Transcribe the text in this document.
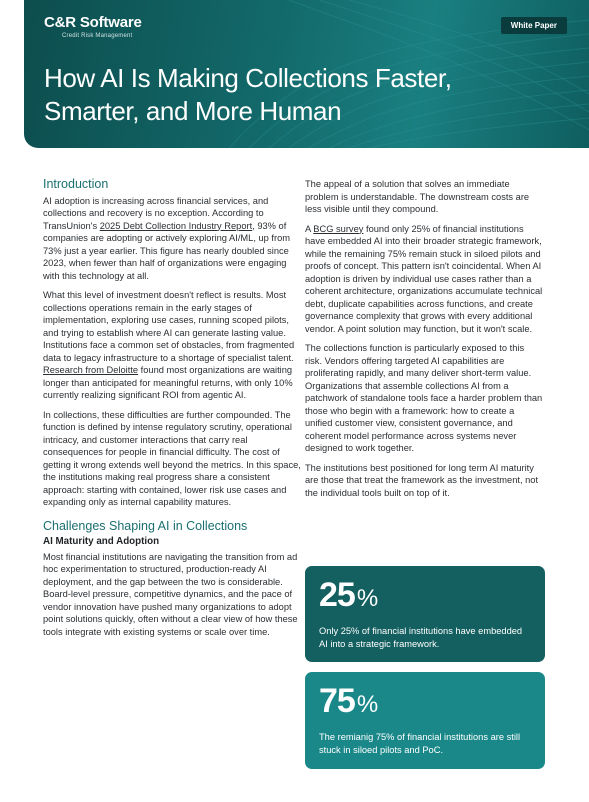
C&R Software
Credit Risk Management
White Paper
How AI Is Making Collections Faster,
Smarter, and More Human
Introduction

AI adoption is increasing across financial services, and collections and recovery is no exception. According to TransUnion's 2025 Debt Collection Industry Report, 93% of companies are adopting or actively exploring AI/ML, up from 73% just a year earlier. This figure has nearly doubled since 2023, when fewer than half of organizations were engaging with this technology at all.

What this level of investment doesn't reflect is results. Most collections operations remain in the early stages of implementation, exploring use cases, running scoped pilots, and trying to establish where AI can generate lasting value. Institutions face a common set of obstacles, from fragmented data to legacy infrastructure to a shortage of specialist talent. Research from Deloitte found most organizations are waiting longer than anticipated for meaningful returns, with only 10% currently realizing significant ROI from agentic AI.

In collections, these difficulties are further compounded. The function is defined by intense regulatory scrutiny, operational intricacy, and customer interactions that carry real consequences for people in financial difficulty. The cost of getting it wrong extends well beyond the metrics. In this space, the institutions making real progress share a consistent approach: starting with contained, lower risk use cases and expanding only as internal capability matures.

Challenges Shaping AI in Collections
AI Maturity and Adoption

Most financial institutions are navigating the transition from ad hoc experimentation to structured, production-ready AI deployment, and the gap between the two is considerable. Board-level pressure, competitive dynamics, and the pace of vendor innovation have pushed many organizations to adopt point solutions quickly, often without a clear view of how these tools integrate with existing systems or scale over time.

The appeal of a solution that solves an immediate problem is understandable. The downstream costs are less visible until they compound.

A BCG survey found only 25% of financial institutions have embedded AI into their broader strategic framework, while the remaining 75% remain stuck in siloed pilots and proofs of concept. This pattern isn't coincidental. When AI adoption is driven by individual use cases rather than a coherent architecture, organizations accumulate technical debt, duplicate capabilities across functions, and create governance complexity that grows with every additional vendor. A point solution may function, but it won't scale.

The collections function is particularly exposed to this risk. Vendors offering targeted AI capabilities are proliferating rapidly, and many deliver short-term value. Organizations that assemble collections AI from a patchwork of standalone tools face a harder problem than those who begin with a framework: how to create a unified customer view, consistent governance, and coherent model performance across systems never designed to work together.

The institutions best positioned for long term AI maturity are those that treat the framework as the investment, not the individual tools built on top of it.

25%
Only 25% of financial institutions have embedded AI into a strategic framework.
75%
The remianig 75% of financial institutions are still stuck in siloed pilots and PoC.
